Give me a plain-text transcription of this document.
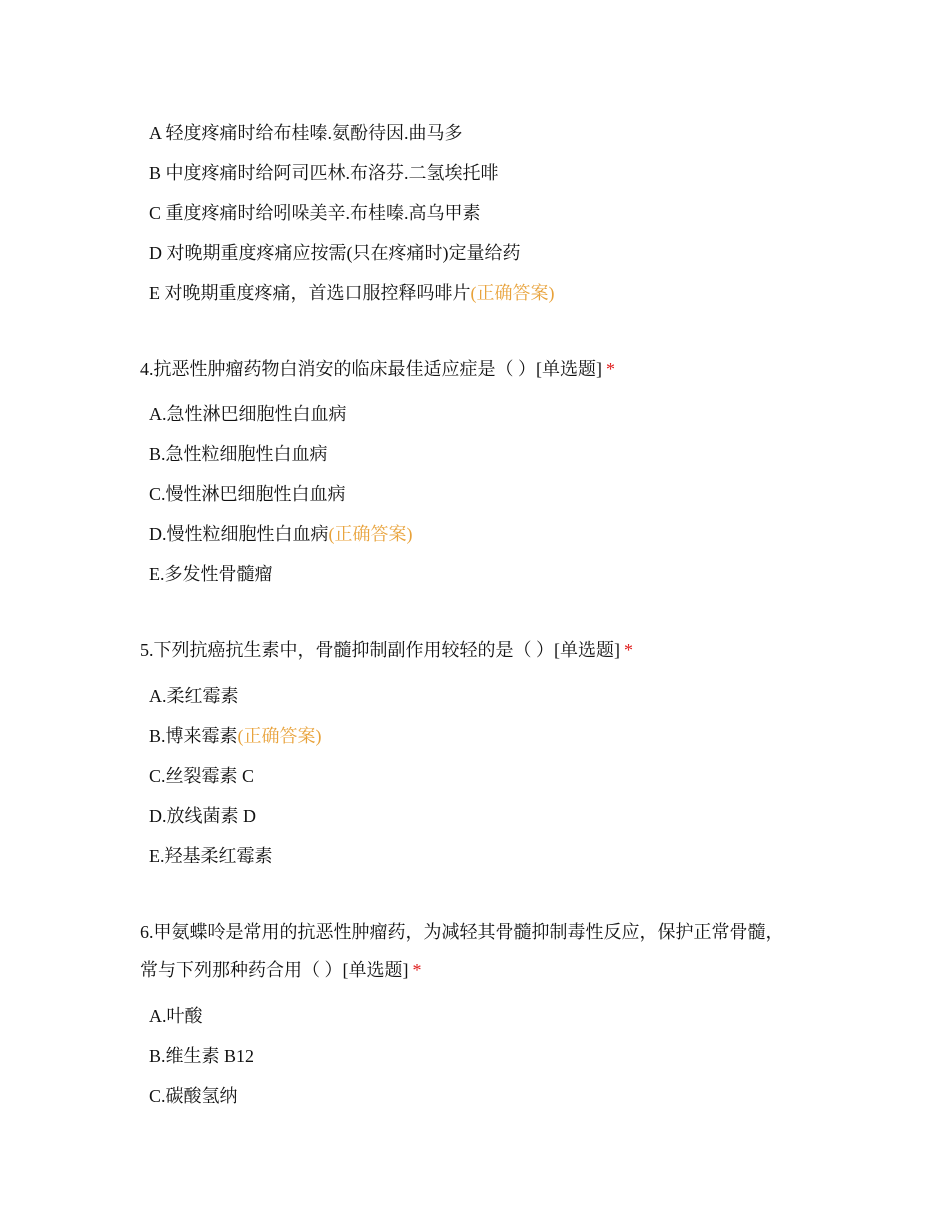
A 轻度疼痛时给布桂嗪.氨酚待因.曲马多
B 中度疼痛时给阿司匹林.布洛芬.二氢埃托啡
C 重度疼痛时给吲哚美辛.布桂嗪.高乌甲素
D 对晚期重度疼痛应按需(只在疼痛时)定量给药
E 对晚期重度疼痛，首选口服控释吗啡片(正确答案)
4.抗恶性肿瘤药物白消安的临床最佳适应症是（ ）[单选题] *
A.急性淋巴细胞性白血病
B.急性粒细胞性白血病
C.慢性淋巴细胞性白血病
D.慢性粒细胞性白血病(正确答案)
E.多发性骨髓瘤
5.下列抗癌抗生素中，骨髓抑制副作用较轻的是（ ）[单选题] *
A.柔红霉素
B.博来霉素(正确答案)
C.丝裂霉素 C
D.放线菌素 D
E.羟基柔红霉素
6.甲氨蝶呤是常用的抗恶性肿瘤药，为减轻其骨髓抑制毒性反应，保护正常骨髓，
常与下列那种药合用（ ）[单选题] *
A.叶酸
B.维生素 B12
C.碳酸氢纳
